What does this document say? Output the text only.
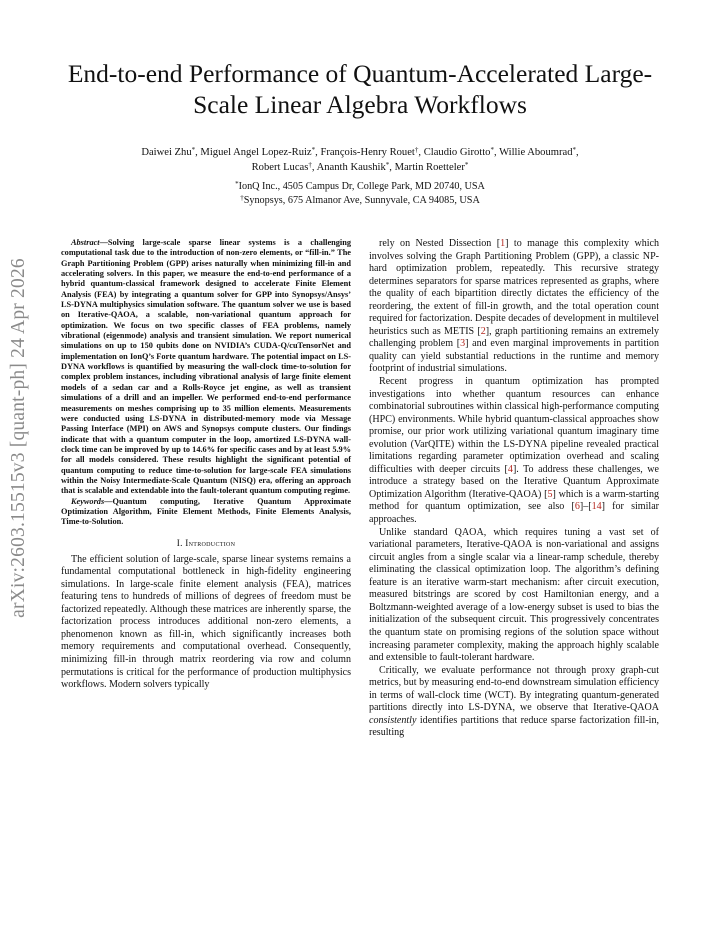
arXiv:2603.15515v3 [quant-ph] 24 Apr 2026
End-to-end Performance of Quantum-Accelerated Large-Scale Linear Algebra Workflows
Daiwei Zhu*, Miguel Angel Lopez-Ruiz*, François-Henry Rouet†, Claudio Girotto*, Willie Aboumrad*,
Robert Lucas†, Ananth Kaushik*, Martin Roetteler*
*IonQ Inc., 4505 Campus Dr, College Park, MD 20740, USA
†Synopsys, 675 Almanor Ave, Sunnyvale, CA 94085, USA

Abstract—Solving large-scale sparse linear systems is a challenging computational task due to the introduction of non-zero elements, or “fill-in.” The Graph Partitioning Problem (GPP) arises naturally when minimizing fill-in and accelerating solvers. In this paper, we measure the end-to-end performance of a hybrid quantum-classical framework designed to accelerate Finite Element Analysis (FEA) by integrating a quantum solver for GPP into Synopsys/Ansys’ LS-DYNA multiphysics simulation software. The quantum solver we use is based on Iterative-QAOA, a scalable, non-variational quantum approach for optimization. We focus on two specific classes of FEA problems, namely vibrational (eigenmode) analysis and transient simulation. We report numerical simulations on up to 150 qubits done on NVIDIA’s CUDA-Q/cuTensorNet and implementation on IonQ’s Forte quantum hardware. The potential impact on LS-DYNA workflows is quantified by measuring the wall-clock time-to-solution for complex problem instances, including vibrational analysis of large finite element models of a sedan car and a Rolls-Royce jet engine, as well as transient simulations of a drill and an impeller. We performed end-to-end performance measurements on meshes comprising up to 35 million elements. Measurements were conducted using LS-DYNA in distributed-memory mode via Message Passing Interface (MPI) on AWS and Synopsys compute clusters. Our findings indicate that with a quantum computer in the loop, amortized LS-DYNA wall-clock time can be improved by up to 14.6% for specific cases and by at least 5.9% for all models considered. These results highlight the significant potential of quantum computing to reduce time-to-solution for large-scale FEA simulations within the Noisy Intermediate-Scale Quantum (NISQ) era, offering an approach that is scalable and extendable into the fault-tolerant quantum computing regime.

Keywords—Quantum computing, Iterative Quantum Approximate Optimization Algorithm, Finite Element Methods, Finite Elements Analysis, Time-to-Solution.

I. Introduction

The efficient solution of large-scale, sparse linear systems remains a fundamental computational bottleneck in high-fidelity engineering simulations. In large-scale finite element analysis (FEA), matrices featuring tens to hundreds of millions of degrees of freedom must be factorized repeatedly. Although these matrices are inherently sparse, the factorization process introduces additional non-zero elements, a phenomenon known as fill-in, which significantly increases both memory requirements and computational overhead. Consequently, minimizing fill-in through matrix reordering via row and column permutations is critical for the performance of production multiphysics workflows. Modern solvers typically

rely on Nested Dissection [1] to manage this complexity which involves solving the Graph Partitioning Problem (GPP), a classic NP-hard optimization problem, repeatedly. This recursive strategy determines separators for sparse matrices represented as graphs, where the quality of each bipartition directly dictates the efficiency of the reordering, the extent of fill-in growth, and the total operation count required for factorization. Despite decades of development in multilevel heuristics such as METIS [2], graph partitioning remains an extremely challenging problem [3] and even marginal improvements in partition quality can yield substantial reductions in the runtime and memory footprint of industrial simulations.

Recent progress in quantum optimization has prompted investigations into whether quantum resources can enhance combinatorial subroutines within classical high-performance computing (HPC) environments. While hybrid quantum-classical approaches show promise, our prior work utilizing variational quantum imaginary time evolution (VarQITE) within the LS-DYNA pipeline revealed practical limitations regarding parameter optimization overhead and scaling difficulties with deeper circuits [4]. To address these challenges, we introduce a strategy based on the Iterative Quantum Approximate Optimization Algorithm (Iterative-QAOA) [5] which is a warm-starting method for quantum optimization, see also [6]–[14] for similar approaches.

Unlike standard QAOA, which requires tuning a vast set of variational parameters, Iterative-QAOA is non-variational and assigns circuit angles from a single scalar via a linear-ramp schedule, thereby eliminating the classical optimization loop. The algorithm’s defining feature is an iterative warm-start mechanism: after circuit execution, measured bitstrings are scored by cost Hamiltonian energy, and a Boltzmann-weighted average of a low-energy subset is used to bias the initialization of the subsequent circuit. This progressively concentrates the quantum state on promising regions of the solution space without increasing parameter complexity, making the approach highly scalable and extensible to fault-tolerant hardware.

Critically, we evaluate performance not through proxy graph-cut metrics, but by measuring end-to-end downstream simulation efficiency in terms of wall-clock time (WCT). By integrating quantum-generated partitions directly into LS-DYNA, we observe that Iterative-QAOA consistently identifies partitions that reduce sparse factorization fill-in, resulting
